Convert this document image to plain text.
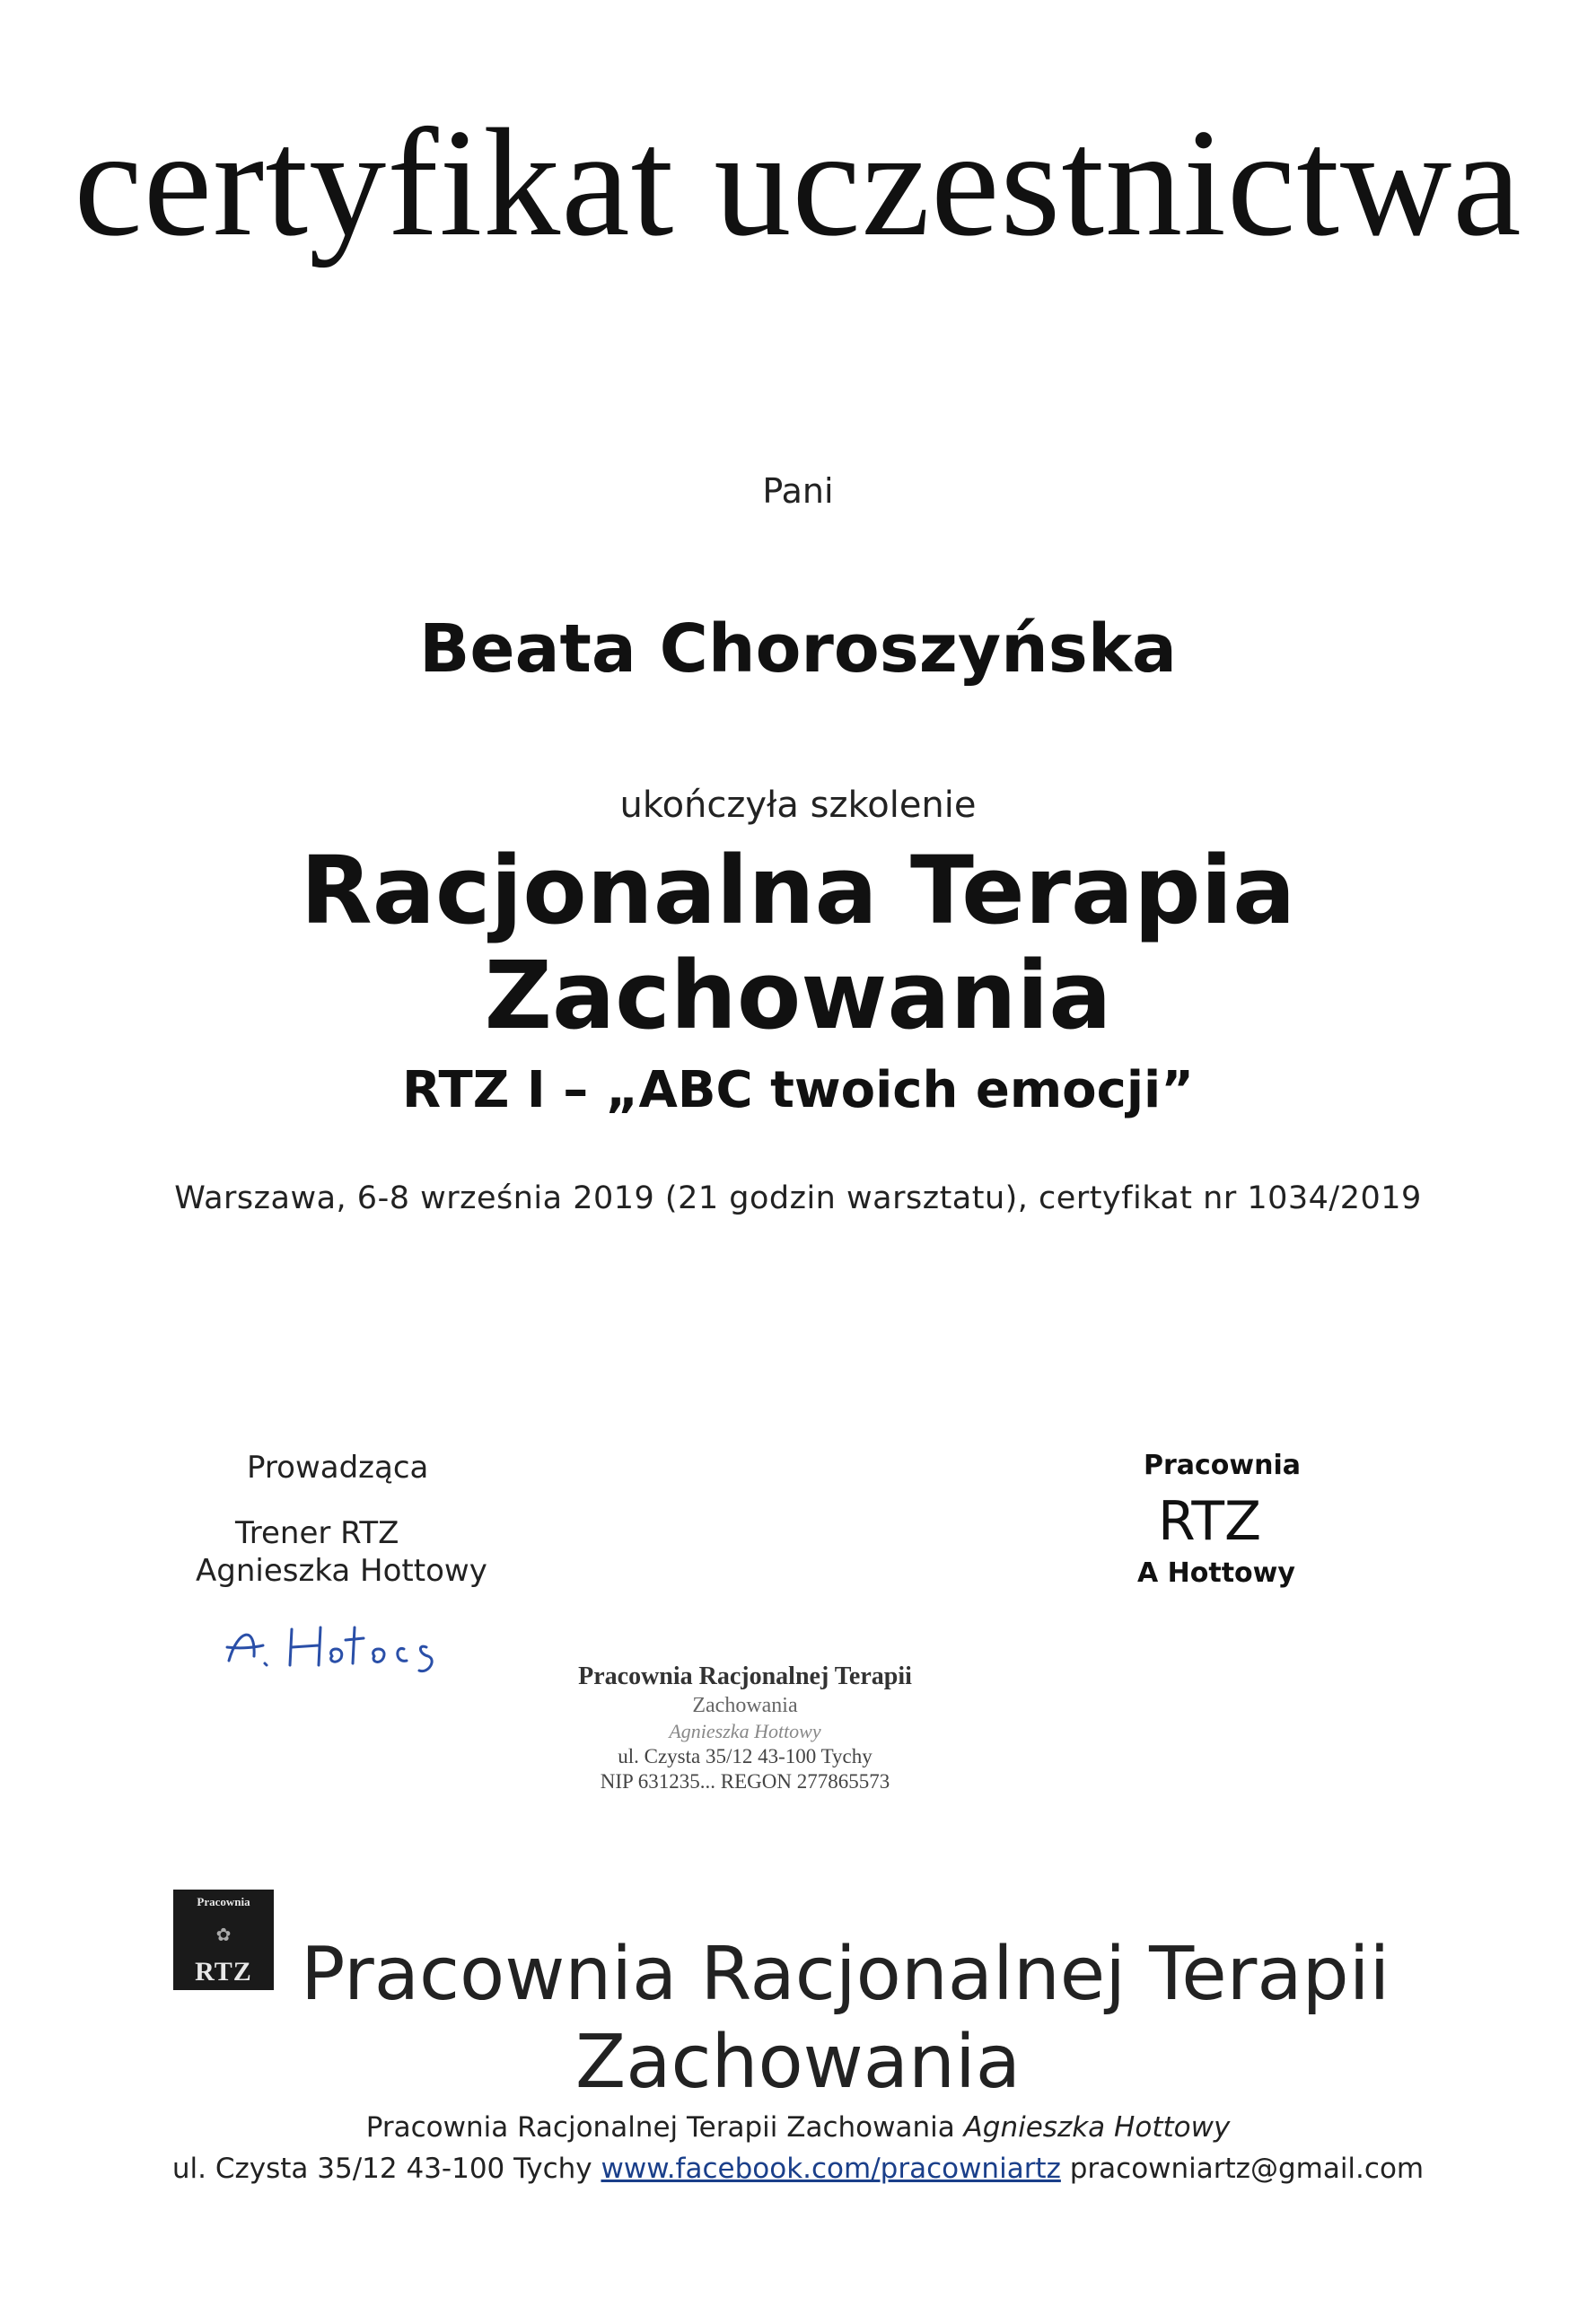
certyfikat uczestnictwa
Pani
Beata Choroszyńska
ukończyła szkolenie
Racjonalna Terapia
Zachowania
RTZ I – „ABC twoich emocji”
Warszawa, 6-8 września 2019 (21 godzin warsztatu), certyfikat nr 1034/2019
Prowadząca
Trener RTZ
Agnieszka Hottowy
Pracownia
RTZ
A Hottowy
Pracownia Racjonalnej Terapii
Zachowania
Agnieszka Hottowy
ul. Czysta 35/12 43-100 Tychy
NIP 631235... REGON 277865573
Pracownia
✿
RTZ Pracownia Racjonalnej Terapii
Zachowania
Pracownia Racjonalnej Terapii Zachowania Agnieszka Hottowy
ul. Czysta 35/12 43-100 Tychy www.facebook.com/pracowniartz pracowniartz@gmail.com
